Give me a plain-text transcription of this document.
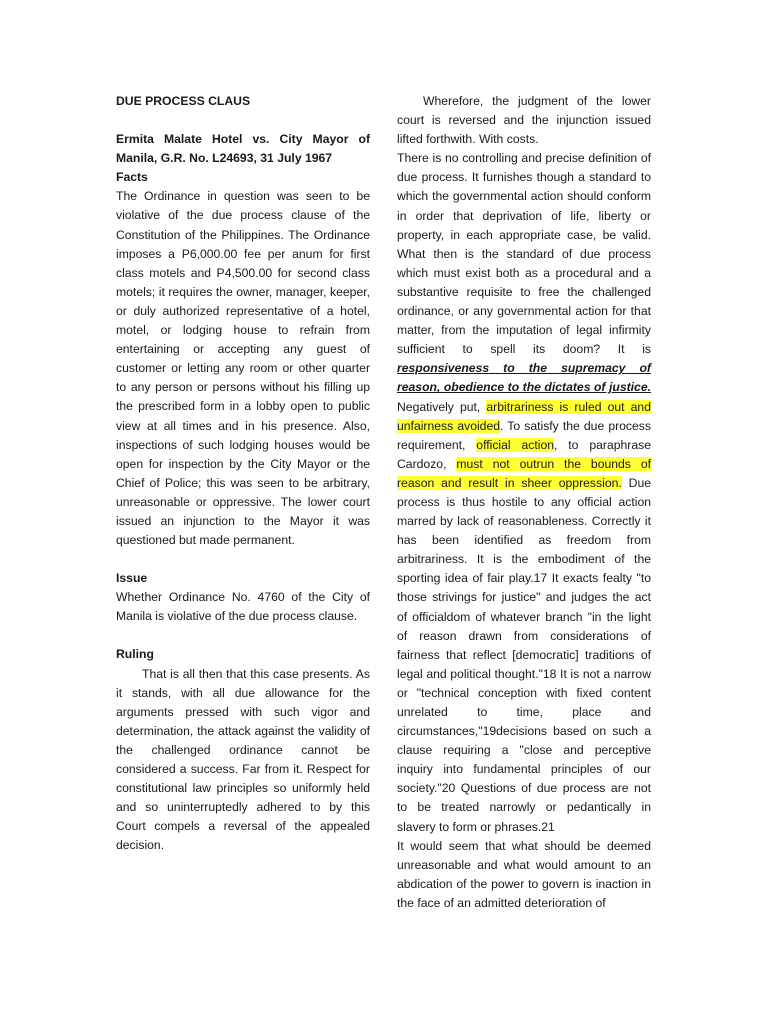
DUE PROCESS CLAUS

Ermita Malate Hotel vs. City Mayor of Manila, G.R. No. L24693, 31 July 1967

Facts

The Ordinance in question was seen to be violative of the due process clause of the Constitution of the Philippines. The Ordinance imposes a P6,000.00 fee per anum for first class motels and P4,500.00 for second class motels; it requires the owner, manager, keeper, or duly authorized representative of a hotel, motel, or lodging house to refrain from entertaining or accepting any guest of customer or letting any room or other quarter to any person or persons without his filling up the prescribed form in a lobby open to public view at all times and in his presence. Also, inspections of such lodging houses would be open for inspection by the City Mayor or the Chief of Police; this was seen to be arbitrary, unreasonable or oppressive. The lower court issued an injunction to the Mayor it was questioned but made permanent.

Issue

Whether Ordinance No. 4760 of the City of Manila is violative of the due process clause.

Ruling

That is all then that this case presents. As it stands, with all due allowance for the arguments pressed with such vigor and determination, the attack against the validity of the challenged ordinance cannot be considered a success. Far from it. Respect for constitutional law principles so uniformly held and so uninterruptedly adhered to by this Court compels a reversal of the appealed decision.

Wherefore, the judgment of the lower court is reversed and the injunction issued lifted forthwith. With costs.

There is no controlling and precise definition of due process. It furnishes though a standard to which the governmental action should conform in order that deprivation of life, liberty or property, in each appropriate case, be valid. What then is the standard of due process which must exist both as a procedural and a substantive requisite to free the challenged ordinance, or any governmental action for that matter, from the imputation of legal infirmity sufficient to spell its doom? It is responsiveness to the supremacy of reason, obedience to the dictates of justice. Negatively put, arbitrariness is ruled out and unfairness avoided. To satisfy the due process requirement, official action, to paraphrase Cardozo, must not outrun the bounds of reason and result in sheer oppression. Due process is thus hostile to any official action marred by lack of reasonableness. Correctly it has been identified as freedom from arbitrariness. It is the embodiment of the sporting idea of fair play.17 It exacts fealty "to those strivings for justice" and judges the act of officialdom of whatever branch "in the light of reason drawn from considerations of fairness that reflect [democratic] traditions of legal and political thought."18 It is not a narrow or "technical conception with fixed content unrelated to time, place and circumstances,"19decisions based on such a clause requiring a "close and perceptive inquiry into fundamental principles of our society."20 Questions of due process are not to be treated narrowly or pedantically in slavery to form or phrases.21

It would seem that what should be deemed unreasonable and what would amount to an abdication of the power to govern is inaction in the face of an admitted deterioration of
